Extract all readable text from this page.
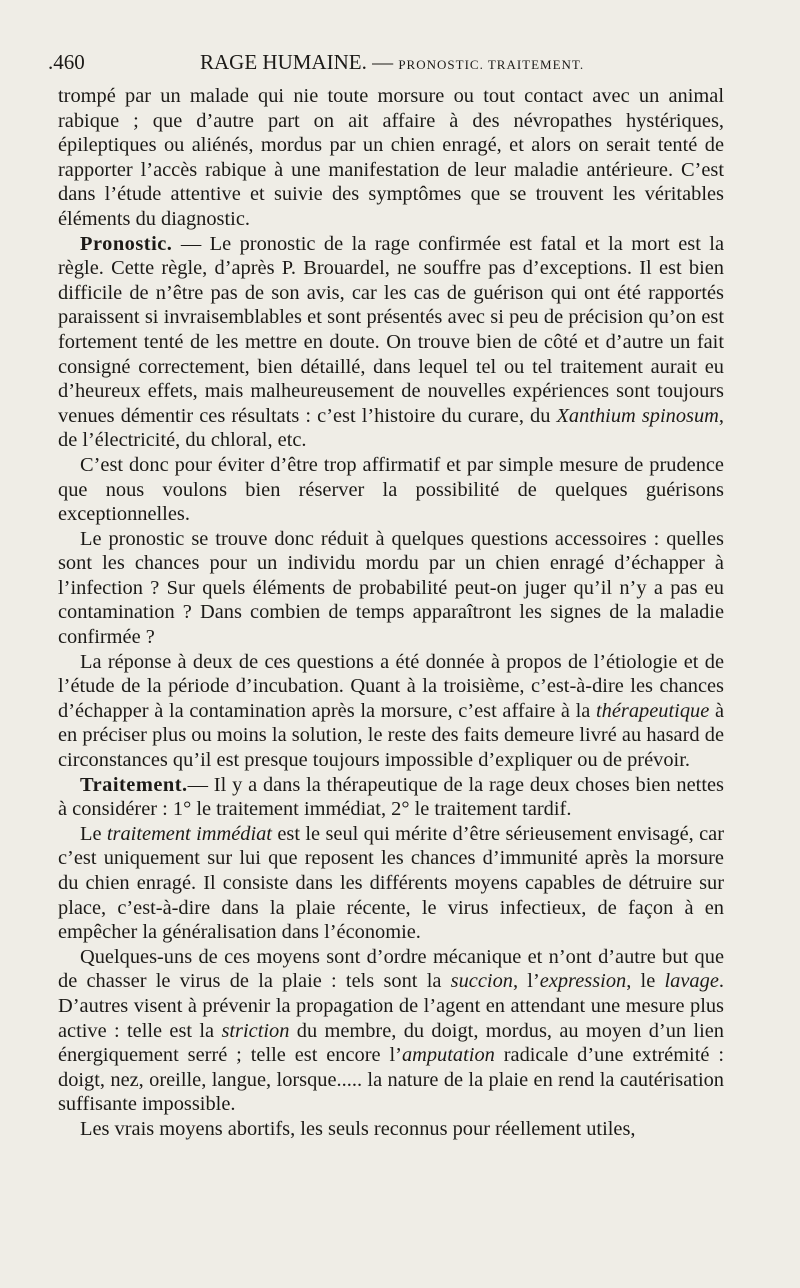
.460	RAGE HUMAINE. — PRONOSTIC. TRAITEMENT.

trompé par un malade qui nie toute morsure ou tout contact avec un animal rabique ; que d’autre part on ait affaire à des névropathes hystériques, épileptiques ou aliénés, mordus par un chien enragé, et alors on serait tenté de rapporter l’accès rabique à une manifestation de leur maladie antérieure. C’est dans l’étude attentive et suivie des symptômes que se trouvent les véritables éléments du diagnostic.

Pronostic. — Le pronostic de la rage confirmée est fatal et la mort est la règle. Cette règle, d’après P. Brouardel, ne souffre pas d’exceptions. Il est bien difficile de n’être pas de son avis, car les cas de guérison qui ont été rapportés paraissent si invraisemblables et sont présentés avec si peu de précision qu’on est fortement tenté de les mettre en doute. On trouve bien de côté et d’autre un fait consigné correctement, bien détaillé, dans lequel tel ou tel traitement aurait eu d’heureux effets, mais malheureusement de nouvelles expériences sont toujours venues démentir ces résultats : c’est l’histoire du curare, du Xanthium spinosum, de l’électricité, du chloral, etc.

C’est donc pour éviter d’être trop affirmatif et par simple mesure de prudence que nous voulons bien réserver la possibilité de quelques guérisons exceptionnelles.

Le pronostic se trouve donc réduit à quelques questions accessoires : quelles sont les chances pour un individu mordu par un chien enragé d’échapper à l’infection ? Sur quels éléments de probabilité peut-on juger qu’il n’y a pas eu contamination ? Dans combien de temps apparaîtront les signes de la maladie confirmée ?

La réponse à deux de ces questions a été donnée à propos de l’étiologie et de l’étude de la période d’incubation. Quant à la troisième, c’est-à-dire les chances d’échapper à la contamination après la morsure, c’est affaire à la thérapeutique à en préciser plus ou moins la solution, le reste des faits demeure livré au hasard de circonstances qu’il est presque toujours impossible d’expliquer ou de prévoir.

Traitement.— Il y a dans la thérapeutique de la rage deux choses bien nettes à considérer : 1° le traitement immédiat, 2° le traitement tardif.

Le traitement immédiat est le seul qui mérite d’être sérieusement envisagé, car c’est uniquement sur lui que reposent les chances d’immunité après la morsure du chien enragé. Il consiste dans les différents moyens capables de détruire sur place, c’est-à-dire dans la plaie récente, le virus infectieux, de façon à en empêcher la généralisation dans l’économie.

Quelques-uns de ces moyens sont d’ordre mécanique et n’ont d’autre but que de chasser le virus de la plaie : tels sont la succion, l’expression, le lavage. D’autres visent à prévenir la propagation de l’agent en attendant une mesure plus active : telle est la striction du membre, du doigt, mordus, au moyen d’un lien énergiquement serré ; telle est encore l’amputation radicale d’une extrémité : doigt, nez, oreille, langue, lorsque..... la nature de la plaie en rend la cautérisation suffisante impossible.

Les vrais moyens abortifs, les seuls reconnus pour réellement utiles,
